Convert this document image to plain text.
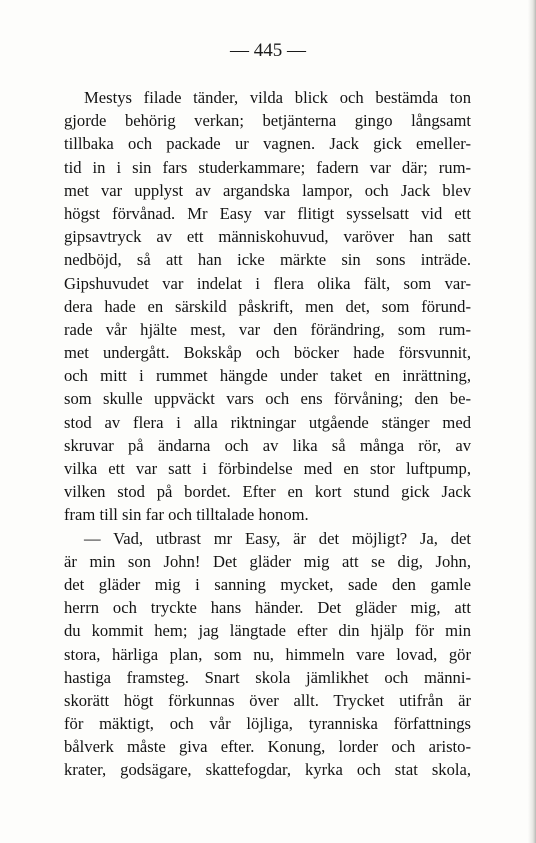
— 445 —
Mestys filade tänder, vilda blick och bestämda ton
gjorde behörig verkan; betjänterna gingo långsamt
tillbaka och packade ur vagnen. Jack gick emeller-
tid in i sin fars studerkammare; fadern var där; rum-
met var upplyst av argandska lampor, och Jack blev
högst förvånad. Mr Easy var flitigt sysselsatt vid ett
gipsavtryck av ett människohuvud, varöver han satt
nedböjd, så att han icke märkte sin sons inträde.
Gipshuvudet var indelat i flera olika fält, som var-
dera hade en särskild påskrift, men det, som förund-
rade vår hjälte mest, var den förändring, som rum-
met undergått. Bokskåp och böcker hade försvunnit,
och mitt i rummet hängde under taket en inrättning,
som skulle uppväckt vars och ens förvåning; den be-
stod av flera i alla riktningar utgående stänger med
skruvar på ändarna och av lika så många rör, av
vilka ett var satt i förbindelse med en stor luftpump,
vilken stod på bordet. Efter en kort stund gick Jack
fram till sin far och tilltalade honom.
— Vad, utbrast mr Easy, är det möjligt? Ja, det
är min son John! Det gläder mig att se dig, John,
det gläder mig i sanning mycket, sade den gamle
herrn och tryckte hans händer. Det gläder mig, att
du kommit hem; jag längtade efter din hjälp för min
stora, härliga plan, som nu, himmeln vare lovad, gör
hastiga framsteg. Snart skola jämlikhet och männi-
skorätt högt förkunnas över allt. Trycket utifrån är
för mäktigt, och vår löjliga, tyranniska författnings
bålverk måste giva efter. Konung, lorder och aristo-
krater, godsägare, skattefogdar, kyrka och stat skola,
